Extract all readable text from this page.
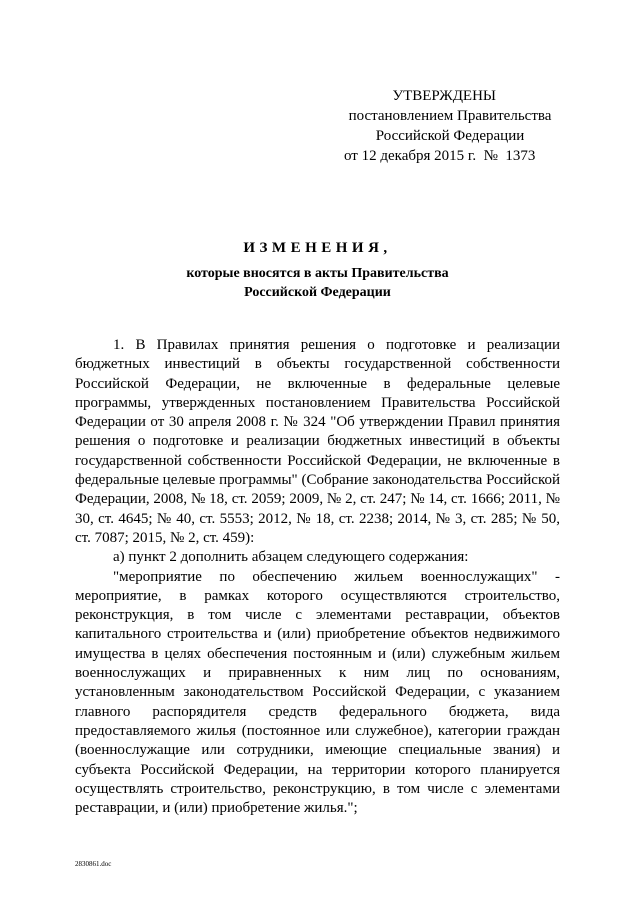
УТВЕРЖДЕНЫ
постановлением Правительства
Российской Федерации
от 12 декабря 2015 г.  №  1373
ИЗМЕНЕНИЯ,
которые вносятся в акты Правительства
Российской Федерации

1. В Правилах принятия решения о подготовке и реализации бюджетных инвестиций в объекты государственной собственности Российской Федерации, не включенные в федеральные целевые программы, утвержденных постановлением Правительства Российской Федерации от 30 апреля 2008 г. № 324 "Об утверждении Правил принятия решения о подготовке и реализации бюджетных инвестиций в объекты государственной собственности Российской Федерации, не включенные в федеральные целевые программы" (Собрание законодательства Российской Федерации, 2008, № 18, ст. 2059; 2009, № 2, ст. 247; № 14, ст. 1666; 2011, № 30, ст. 4645; № 40, ст. 5553; 2012, № 18, ст. 2238; 2014, № 3, ст. 285; № 50, ст. 7087; 2015, № 2, ст. 459):

а) пункт 2 дополнить абзацем следующего содержания:

"мероприятие по обеспечению жильем военнослужащих" - мероприятие, в рамках которого осуществляются строительство, реконструкция, в том числе с элементами реставрации, объектов капитального строительства и (или) приобретение объектов недвижимого имущества в целях обеспечения постоянным и (или) служебным жильем военнослужащих и приравненных к ним лиц по основаниям, установленным законодательством Российской Федерации, с указанием главного распорядителя средств федерального бюджета, вида предоставляемого жилья (постоянное или служебное), категории граждан (военнослужащие или сотрудники, имеющие специальные звания) и субъекта Российской Федерации, на территории которого планируется осуществлять строительство, реконструкцию, в том числе с элементами реставрации, и (или) приобретение жилья.";

2830861.doc
